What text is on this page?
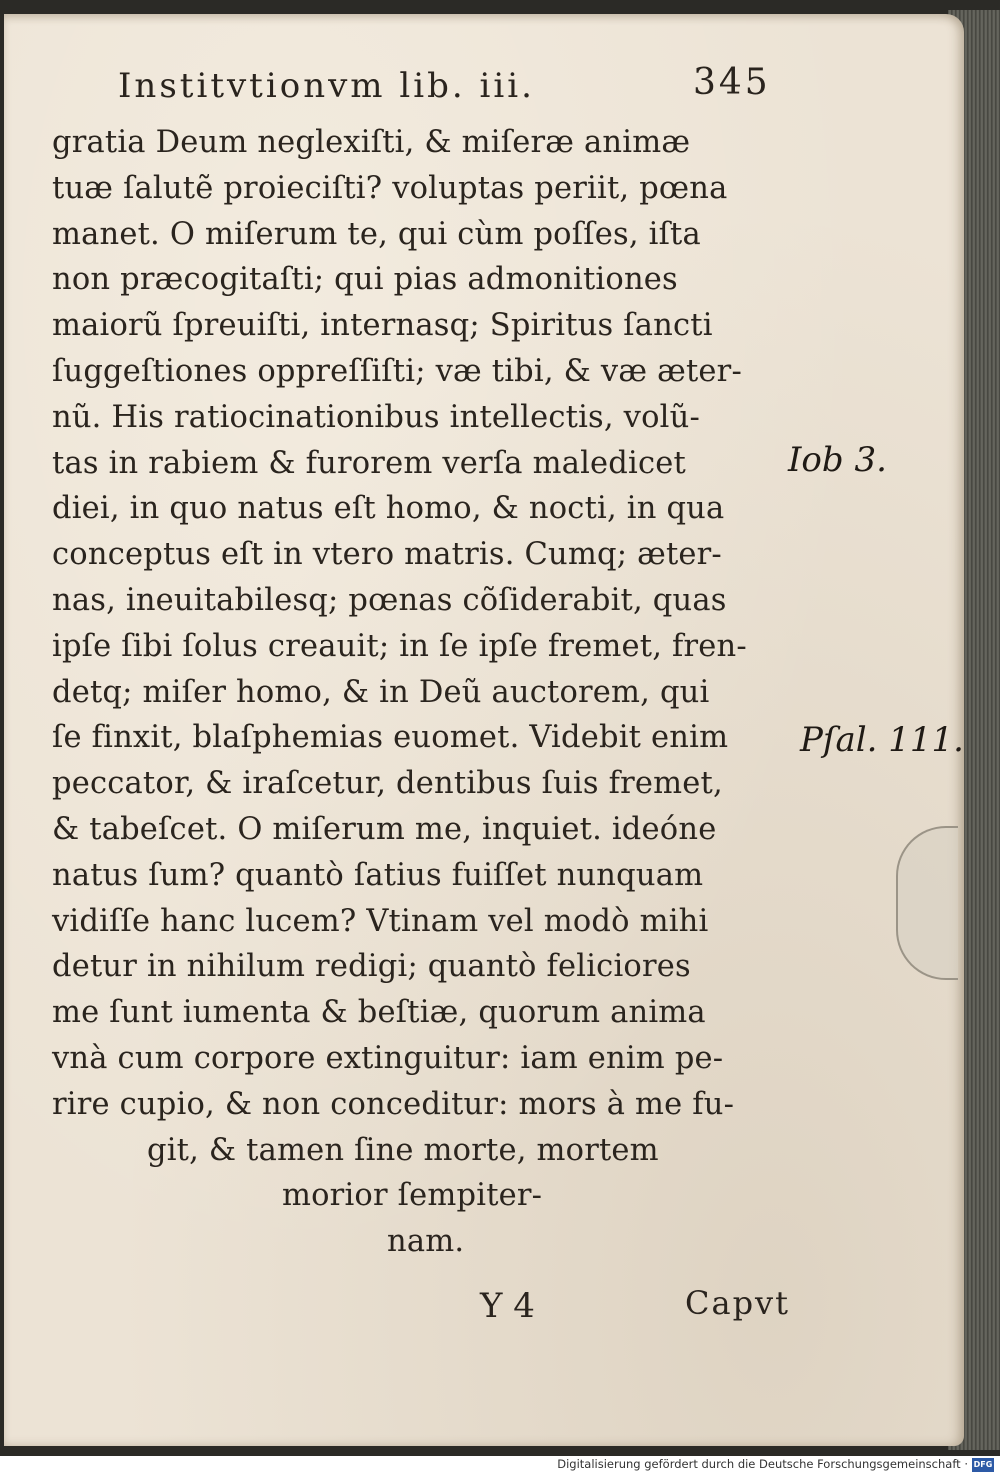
Institvtionvm lib. iii.	345
gratia Deum neglexiſti, & miſeræ animæ
tuæ ſalutẽ proieciſti? voluptas periit, pœna
manet. O miſerum te, qui cùm poſſes, iſta
non præcogitaſti; qui pias admonitiones
maiorũ ſpreuiſti, internasq; Spiritus ſancti
ſuggeſtiones oppreſſiſti; væ tibi, & væ æter-
nũ. His ratiocinationibus intellectis, volũ-
tas in rabiem & furorem verſa maledicet
diei, in quo natus eſt homo, & nocti, in qua
conceptus eſt in vtero matris. Cumq; æter-
nas, ineuitabilesq; pœnas cõſiderabit, quas
ipſe ſibi ſolus creauit; in ſe ipſe fremet, fren-
detq; miſer homo, & in Deũ auctorem, qui
ſe finxit, blaſphemias euomet. Videbit enim
peccator, & iraſcetur, dentibus ſuis fremet,
& tabeſcet. O miſerum me, inquiet. ideóne
natus ſum? quantò ſatius fuiſſet nunquam
vidiſſe hanc lucem? Vtinam vel modò mihi
detur in nihilum redigi; quantò feliciores
me ſunt iumenta & beſtiæ, quorum anima
vnà cum corpore extinguitur: iam enim pe-
rire cupio, & non conceditur: mors à me fu-
git, & tamen ſine morte, mortem
morior ſempiter-
nam.
Iob 3.
Pſal. 111.
Y 4	Capvt
Digitalisierung gefördert durch die Deutsche Forschungsgemeinschaft · DFG
